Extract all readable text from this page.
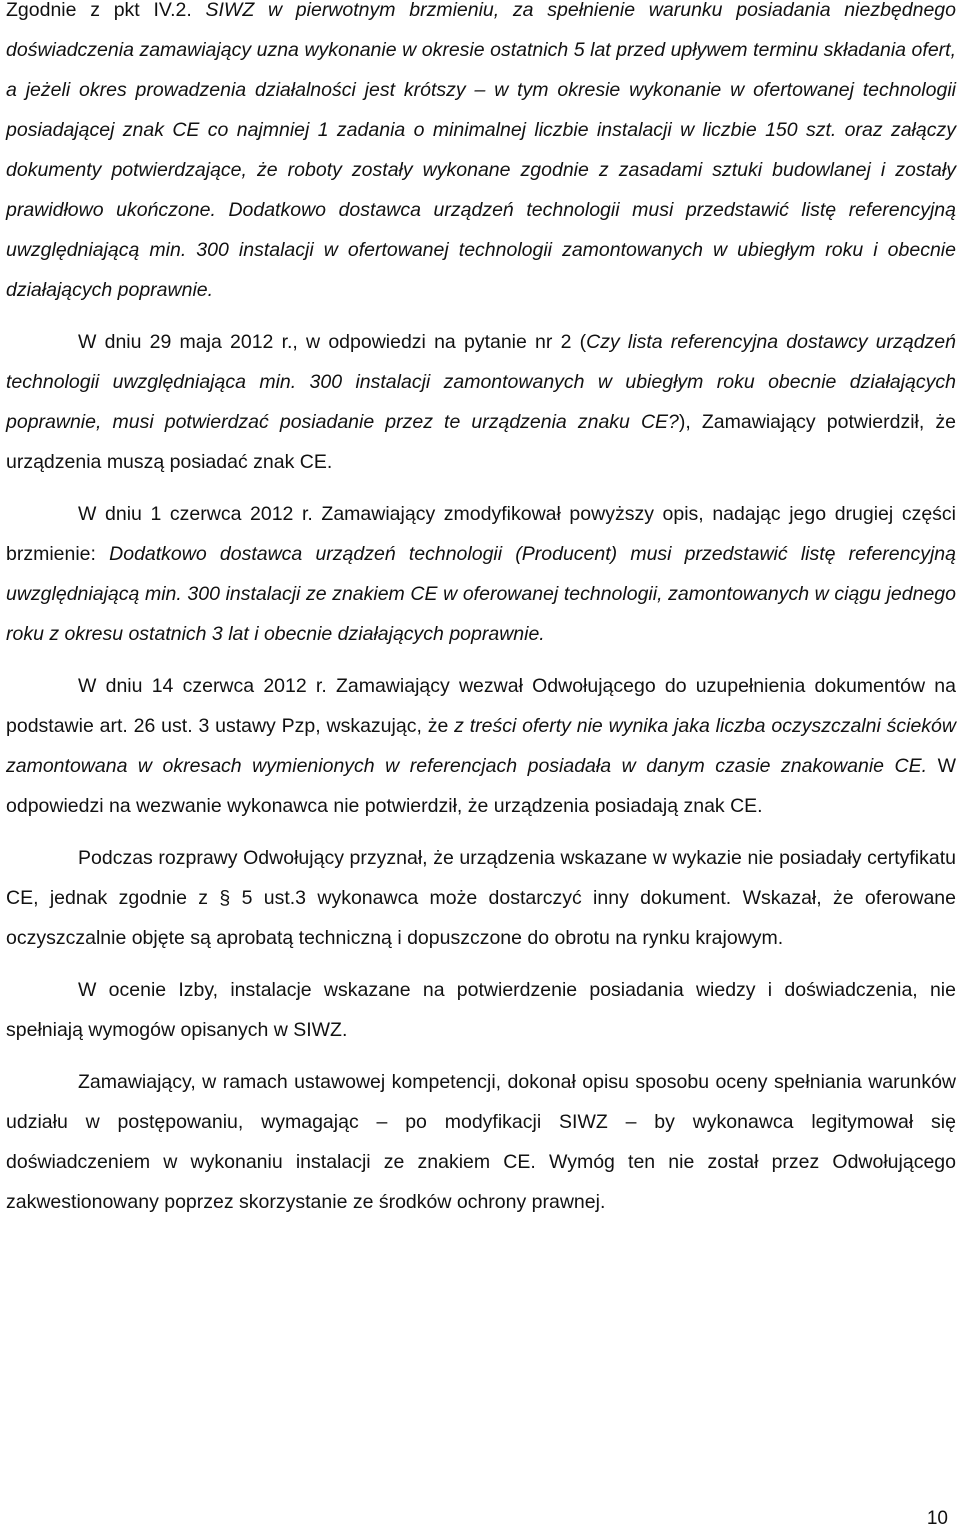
Zgodnie z pkt IV.2. SIWZ w pierwotnym brzmieniu, za spełnienie warunku posiadania niezbędnego doświadczenia zamawiający uzna wykonanie w okresie ostatnich 5 lat przed upływem terminu składania ofert, a jeżeli okres prowadzenia działalności jest krótszy – w tym okresie wykonanie w ofertowanej technologii posiadającej znak CE co najmniej 1 zadania o minimalnej liczbie instalacji w liczbie 150 szt. oraz załączy dokumenty potwierdzające, że roboty zostały wykonane zgodnie z zasadami sztuki budowlanej i zostały prawidłowo ukończone. Dodatkowo dostawca urządzeń technologii musi przedstawić listę referencyjną uwzględniającą min. 300 instalacji w ofertowanej technologii zamontowanych w ubiegłym roku i obecnie działających poprawnie.

W dniu 29 maja 2012 r., w odpowiedzi na pytanie nr 2 (Czy lista referencyjna dostawcy urządzeń technologii uwzględniająca min. 300 instalacji zamontowanych w ubiegłym roku obecnie działających poprawnie, musi potwierdzać posiadanie przez te urządzenia znaku CE?), Zamawiający potwierdził, że urządzenia muszą posiadać znak CE.

W dniu 1 czerwca 2012 r. Zamawiający zmodyfikował powyższy opis, nadając jego drugiej części brzmienie: Dodatkowo dostawca urządzeń technologii (Producent) musi przedstawić listę referencyjną uwzględniającą min. 300 instalacji ze znakiem CE w oferowanej technologii, zamontowanych w ciągu jednego roku z okresu ostatnich 3 lat i obecnie działających poprawnie.

W dniu 14 czerwca 2012 r. Zamawiający wezwał Odwołującego do uzupełnienia dokumentów na podstawie art. 26 ust. 3 ustawy Pzp, wskazując, że z treści oferty nie wynika jaka liczba oczyszczalni ścieków zamontowana w okresach wymienionych w referencjach posiadała w danym czasie znakowanie CE. W odpowiedzi na wezwanie wykonawca nie potwierdził, że urządzenia posiadają znak CE.

Podczas rozprawy Odwołujący przyznał, że urządzenia wskazane w wykazie nie posiadały certyfikatu CE, jednak zgodnie z § 5 ust.3 wykonawca może dostarczyć inny dokument. Wskazał, że oferowane oczyszczalnie objęte są aprobatą techniczną i dopuszczone do obrotu na rynku krajowym.

W ocenie Izby, instalacje wskazane na potwierdzenie posiadania wiedzy i doświadczenia, nie spełniają wymogów opisanych w SIWZ.

Zamawiający, w ramach ustawowej kompetencji, dokonał opisu sposobu oceny spełniania warunków udziału w postępowaniu, wymagając – po modyfikacji SIWZ – by wykonawca legitymował się doświadczeniem w wykonaniu instalacji ze znakiem CE. Wymóg ten nie został przez Odwołującego zakwestionowany poprzez skorzystanie ze środków ochrony prawnej.

10
